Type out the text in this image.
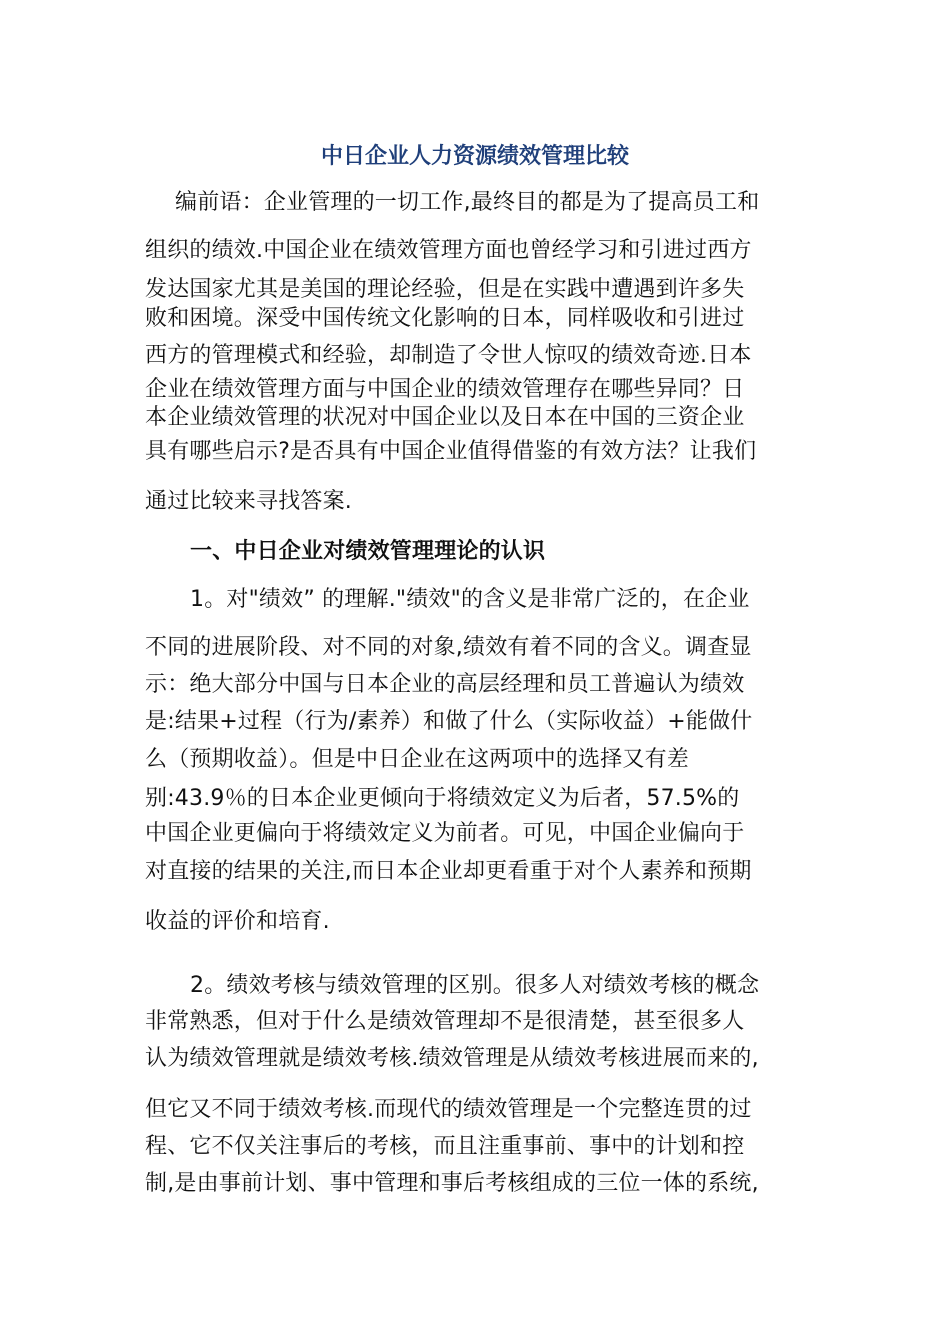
中日企业人力资源绩效管理比较
编前语：企业管理的一切工作,最终目的都是为了提高员工和
组织的绩效.中国企业在绩效管理方面也曾经学习和引进过西方
发达国家尤其是美国的理论经验，但是在实践中遭遇到许多失
败和困境。深受中国传统文化影响的日本，同样吸收和引进过
西方的管理模式和经验，却制造了令世人惊叹的绩效奇迹.日本
企业在绩效管理方面与中国企业的绩效管理存在哪些异同？日
本企业绩效管理的状况对中国企业以及日本在中国的三资企业
具有哪些启示?是否具有中国企业值得借鉴的有效方法？让我们
通过比较来寻找答案.
一、中日企业对绩效管理理论的认识
1。对"绩效” 的理解."绩效"的含义是非常广泛的，在企业
不同的进展阶段、对不同的对象,绩效有着不同的含义。调查显
示：绝大部分中国与日本企业的高层经理和员工普遍认为绩效
是:结果+过程（行为/素养）和做了什么（实际收益）+能做什
么（预期收益）。但是中日企业在这两项中的选择又有差
别:43.9％的日本企业更倾向于将绩效定义为后者，57.5%的
中国企业更偏向于将绩效定义为前者。可见，中国企业偏向于
对直接的结果的关注,而日本企业却更看重于对个人素养和预期
收益的评价和培育.
2。绩效考核与绩效管理的区别。很多人对绩效考核的概念
非常熟悉，但对于什么是绩效管理却不是很清楚，甚至很多人
认为绩效管理就是绩效考核.绩效管理是从绩效考核进展而来的,
但它又不同于绩效考核.而现代的绩效管理是一个完整连贯的过
程、它不仅关注事后的考核，而且注重事前、事中的计划和控
制,是由事前计划、事中管理和事后考核组成的三位一体的系统,
